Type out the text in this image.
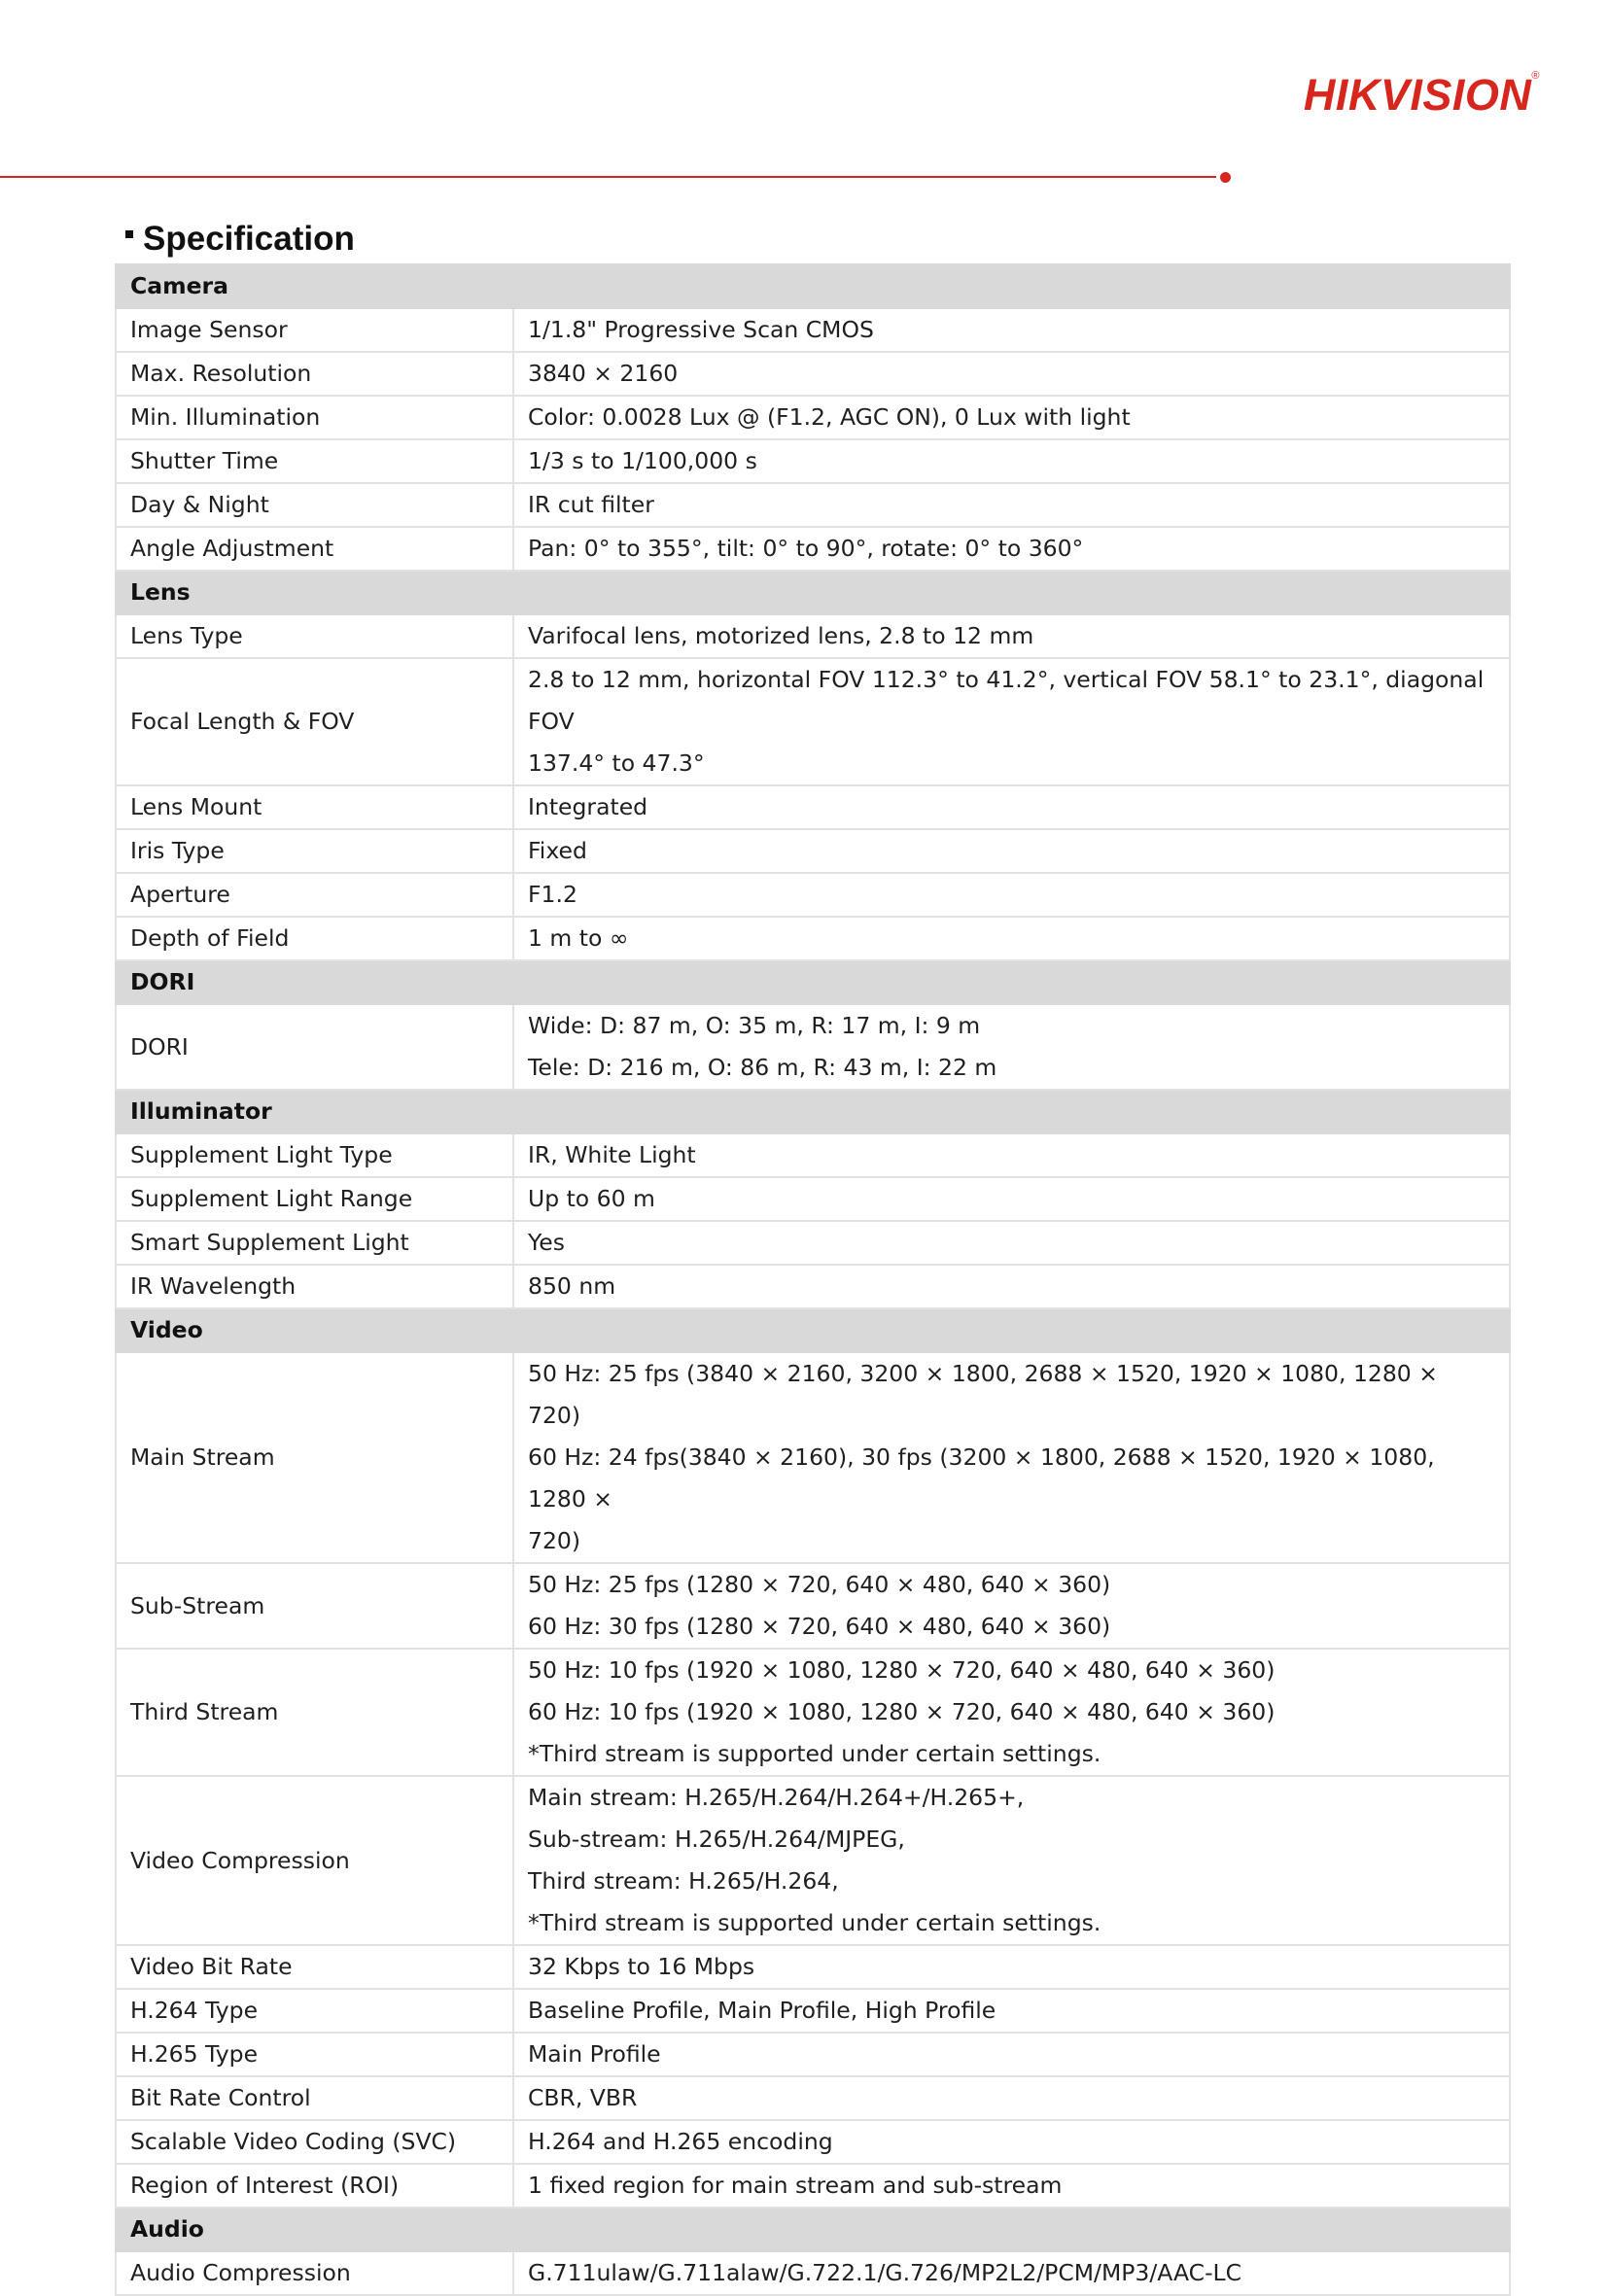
HIKVISION®
Specification
Camera	
Image Sensor	1/1.8" Progressive Scan CMOS

Max. Resolution	3840 × 2160

Min. Illumination	Color: 0.0028 Lux @ (F1.2, AGC ON), 0 Lux with light

Shutter Time	1/3 s to 1/100,000 s

Day & Night	IR cut filter

Angle Adjustment	Pan: 0° to 355°, tilt: 0° to 90°, rotate: 0° to 360°

Lens	
Lens Type	Varifocal lens, motorized lens, 2.8 to 12 mm

Focal Length & FOV	2.8 to 12 mm, horizontal FOV 112.3° to 41.2°, vertical FOV 58.1° to 23.1°, diagonal FOV
137.4° to 47.3°

Lens Mount	Integrated

Iris Type	Fixed

Aperture	F1.2

Depth of Field	1 m to ∞

DORI	
DORI	Wide: D: 87 m, O: 35 m, R: 17 m, I: 9 m
Tele: D: 216 m, O: 86 m, R: 43 m, I: 22 m

Illuminator	
Supplement Light Type	IR, White Light

Supplement Light Range	Up to 60 m

Smart Supplement Light	Yes

IR Wavelength	850 nm

Video	
Main Stream	50 Hz: 25 fps (3840 × 2160, 3200 × 1800, 2688 × 1520, 1920 × 1080, 1280 × 720)
60 Hz: 24 fps(3840 × 2160), 30 fps (3200 × 1800, 2688 × 1520, 1920 × 1080, 1280 ×
720)

Sub-Stream	50 Hz: 25 fps (1280 × 720, 640 × 480, 640 × 360)
60 Hz: 30 fps (1280 × 720, 640 × 480, 640 × 360)

Third Stream	50 Hz: 10 fps (1920 × 1080, 1280 × 720, 640 × 480, 640 × 360)
60 Hz: 10 fps (1920 × 1080, 1280 × 720, 640 × 480, 640 × 360)
*Third stream is supported under certain settings.

Video Compression	Main stream: H.265/H.264/H.264+/H.265+,
Sub-stream: H.265/H.264/MJPEG,
Third stream: H.265/H.264,
*Third stream is supported under certain settings.

Video Bit Rate	32 Kbps to 16 Mbps

H.264 Type	Baseline Profile, Main Profile, High Profile

H.265 Type	Main Profile

Bit Rate Control	CBR, VBR

Scalable Video Coding (SVC)	H.264 and H.265 encoding

Region of Interest (ROI)	1 fixed region for main stream and sub-stream

Audio	
Audio Compression	G.711ulaw/G.711alaw/G.722.1/G.726/MP2L2/PCM/MP3/AAC-LC
